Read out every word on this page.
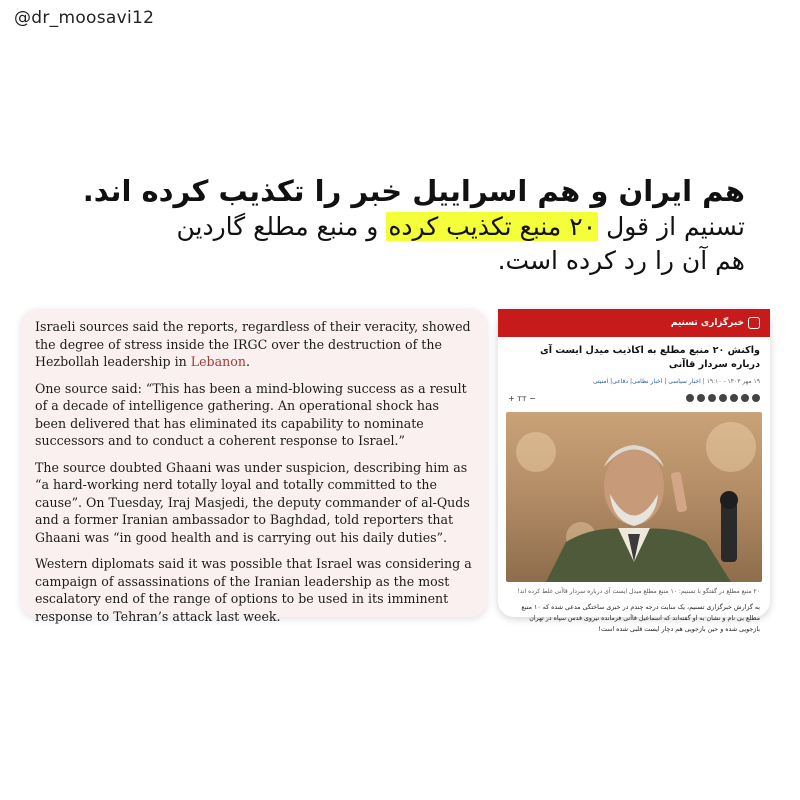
@dr_moosavi12
هم ایران و هم اسراییل خبر را تکذیب کرده اند.
تسنیم از قول ۲۰ منبع تکذیب کرده و منبع مطلع گاردین
هم آن را رد کرده است.

Israeli sources said the reports, regardless of their veracity, showed the degree of stress inside the IRGC over the destruction of the Hezbollah leadership in Lebanon.

One source said: “This has been a mind-blowing success as a result of a decade of intelligence gathering. An operational shock has been delivered that has eliminated its capability to nominate successors and to conduct a coherent response to Israel.”

The source doubted Ghaani was under suspicion, describing him as “a hard-working nerd totally loyal and totally committed to the cause”. On Tuesday, Iraj Masjedi, the deputy commander of al-Quds and a former Iranian ambassador to Baghdad, told reporters that Ghaani was “in good health and is carrying out his daily duties”.

Western diplomats said it was possible that Israel was considering a campaign of assassinations of the Iranian leadership as the most escalatory end of the range of options to be used in its imminent response to Tehran’s attack last week.

خبرگزاری تسنیم
واکنش ۲۰ منبع مطلع به اکاذیب میدل ایست آی درباره سردار قاآنی
۱۹ مهر ۱۴۰۳ - ۱۹:۱۰ | اخبار سیاسی | اخبار نظامی| دفاعی| امنیتی
+ ᴛᴛ −
۲۰ منبع مطلع در گفتگو با تسنیم: ۱۰ منبع مطلع میدل ایست آی درباره سردار قاآنی غلط کرده اند!
به گزارش خبرگزاری تسنیم، یک سایت درجه چندم در خبری ساختگی مدعی شده که ۱۰ منبع مطلع بی نام و نشان به او گفته‌اند که اسماعیل قاآنی فرمانده نیروی قدس سپاه در تهران بازجویی شده و حین بازجویی هم دچار ایست قلبی شده است!
